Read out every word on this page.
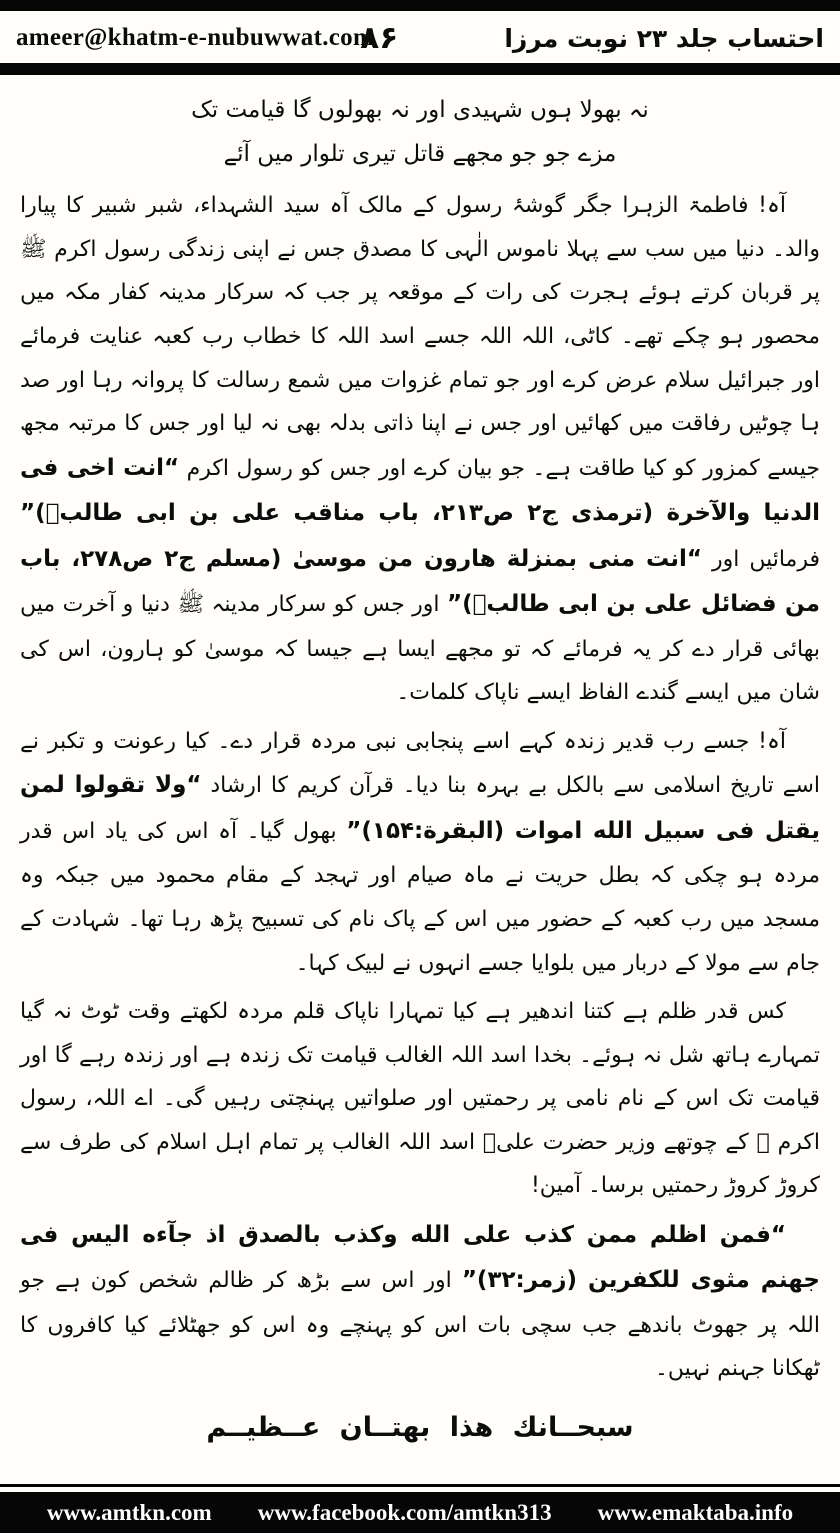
ameer@khatm-e-nubuwwat.com
۸۶	احتساب جلد ۲۳ نوبت مرزا
نہ بھولا ہوں شہیدی اور نہ بھولوں گا قیامت تک
مزے جو جو مجھے قاتل تیری تلوار میں آئے

آہ! فاطمۃ الزہرا جگر گوشۂ رسول کے مالک آہ سید الشہداء، شبر شبیر کا پیارا والد۔ دنیا میں سب سے پہلا ناموس الٰہی کا مصدق جس نے اپنی زندگی رسول اکرم ﷺ پر قربان کرتے ہوئے ہجرت کی رات کے موقعہ پر جب کہ سرکار مدینہ کفار مکہ میں محصور ہو چکے تھے۔ کاٹی، اللہ اللہ جسے اسد اللہ کا خطاب رب کعبہ عنایت فرمائے اور جبرائیل سلام عرض کرے اور جو تمام غزوات میں شمع رسالت کا پروانہ رہا اور صد ہا چوٹیں رفاقت میں کھائیں اور جس نے اپنا ذاتی بدلہ بھی نہ لیا اور جس کا مرتبہ مجھ جیسے کمزور کو کیا طاقت ہے۔ جو بیان کرے اور جس کو رسول اکرم “انت اخی فی الدنیا والآخرة (ترمذی ج۲ ص۲۱۳، باب مناقب علی بن ابی طالبؓ)” فرمائیں اور “انت منی بمنزلة هارون من موسیٰ (مسلم ج۲ ص۲۷۸، باب من فضائل علی بن ابی طالبؓ)” اور جس کو سرکار مدینہ ﷺ دنیا و آخرت میں بھائی قرار دے کر یہ فرمائے کہ تو مجھے ایسا ہے جیسا کہ موسیٰ کو ہارون، اس کی شان میں ایسے گندے الفاظ ایسے ناپاک کلمات۔

آہ! جسے رب قدیر زندہ کہے اسے پنجابی نبی مردہ قرار دے۔ کیا رعونت و تکبر نے اسے تاریخ اسلامی سے بالکل بے بہرہ بنا دیا۔ قرآن کریم کا ارشاد “ولا تقولوا لمن یقتل فی سبیل الله اموات (البقرة:۱۵۴)” بھول گیا۔ آہ اس کی یاد اس قدر مردہ ہو چکی کہ بطل حریت نے ماہ صیام اور تہجد کے مقام محمود میں جبکہ وہ مسجد میں رب کعبہ کے حضور میں اس کے پاک نام کی تسبیح پڑھ رہا تھا۔ شہادت کے جام سے مولا کے دربار میں بلوایا جسے انہوں نے لبیک کہا۔

کس قدر ظلم ہے کتنا اندھیر ہے کیا تمہارا ناپاک قلم مردہ لکھتے وقت ٹوٹ نہ گیا تمہارے ہاتھ شل نہ ہوئے۔ بخدا اسد اللہ الغالب قیامت تک زندہ ہے اور زندہ رہے گا اور قیامت تک اس کے نام نامی پر رحمتیں اور صلواتیں پہنچتی رہیں گی۔ اے اللہ، رسول اکرم ﷺ کے چوتھے وزیر حضرت علیؓ اسد اللہ الغالب پر تمام اہل اسلام کی طرف سے کروڑ کروڑ رحمتیں برسا۔ آمین!

“فمن اظلم ممن کذب علی الله وکذب بالصدق اذ جآءه الیس فی جهنم مثوی للکفرین (زمر:۳۲)” اور اس سے بڑھ کر ظالم شخص کون ہے جو اللہ پر جھوٹ باندھے جب سچی بات اس کو پہنچے وہ اس کو جھٹلائے کیا کافروں کا ٹھکانا جہنم نہیں۔

سبحــانك هذا بهتــان عــظیــم
www.amtkn.com www.facebook.com/amtkn313 www.emaktaba.info
